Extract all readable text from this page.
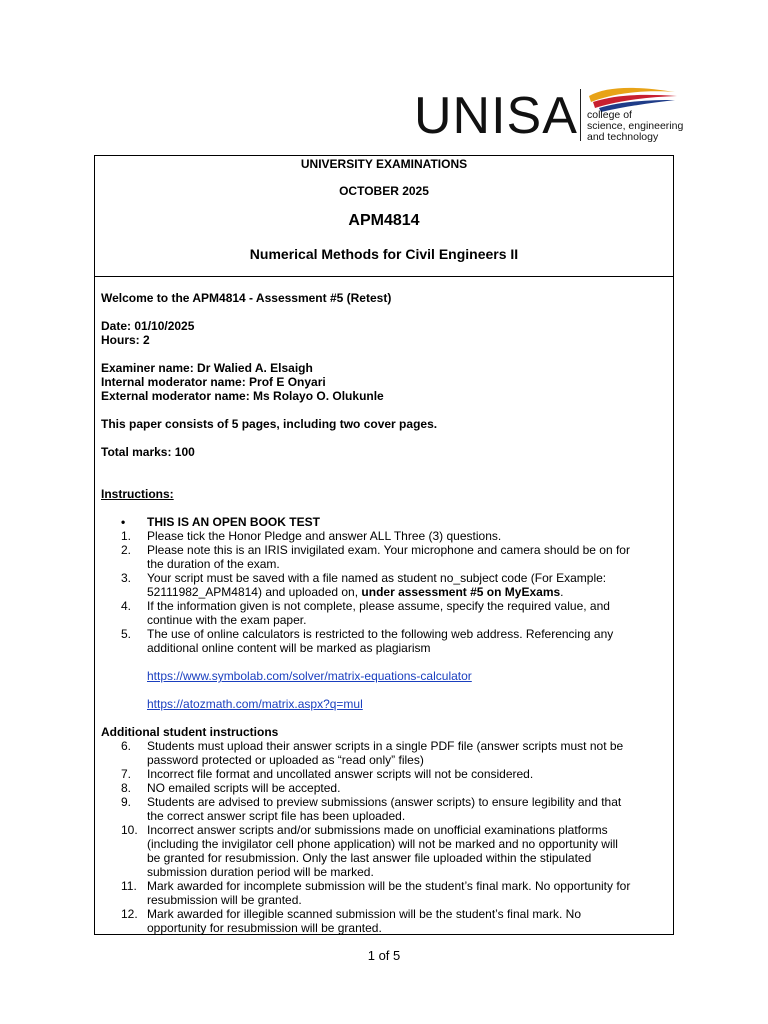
UNISA college of
science, engineering
and technology
UNIVERSITY EXAMINATIONS
OCTOBER 2025
APM4814
Numerical Methods for Civil Engineers II

Welcome to the APM4814 - Assessment #5 (Retest)

Date: 01/10/2025

Hours: 2

Examiner name: Dr Walied A. Elsaigh

Internal moderator name: Prof E Onyari

External moderator name: Ms Rolayo O. Olukunle

This paper consists of 5 pages, including two cover pages.

Total marks: 100

Instructions:

• THIS IS AN OPEN BOOK TEST
1. Please tick the Honor Pledge and answer ALL Three (3) questions.
2. Please note this is an IRIS invigilated exam. Your microphone and camera should be on for
the duration of the exam.
3. Your script must be saved with a file named as student no_subject code (For Example:
52111982_APM4814) and uploaded on, under assessment #5 on MyExams.
4. If the information given is not complete, please assume, specify the required value, and
continue with the exam paper.
5. The use of online calculators is restricted to the following web address. Referencing any
additional online content will be marked as plagiarism
https://www.symbolab.com/solver/matrix-equations-calculator
https://atozmath.com/matrix.aspx?q=mul

Additional student instructions

6. Students must upload their answer scripts in a single PDF file (answer scripts must not be
password protected or uploaded as “read only” files)
7. Incorrect file format and uncollated answer scripts will not be considered.
8. NO emailed scripts will be accepted.
9. Students are advised to preview submissions (answer scripts) to ensure legibility and that
the correct answer script file has been uploaded.
10. Incorrect answer scripts and/or submissions made on unofficial examinations platforms
(including the invigilator cell phone application) will not be marked and no opportunity will
be granted for resubmission. Only the last answer file uploaded within the stipulated
submission duration period will be marked.
11. Mark awarded for incomplete submission will be the student’s final mark. No opportunity for
resubmission will be granted.
12. Mark awarded for illegible scanned submission will be the student’s final mark. No
opportunity for resubmission will be granted.
1 of 5
